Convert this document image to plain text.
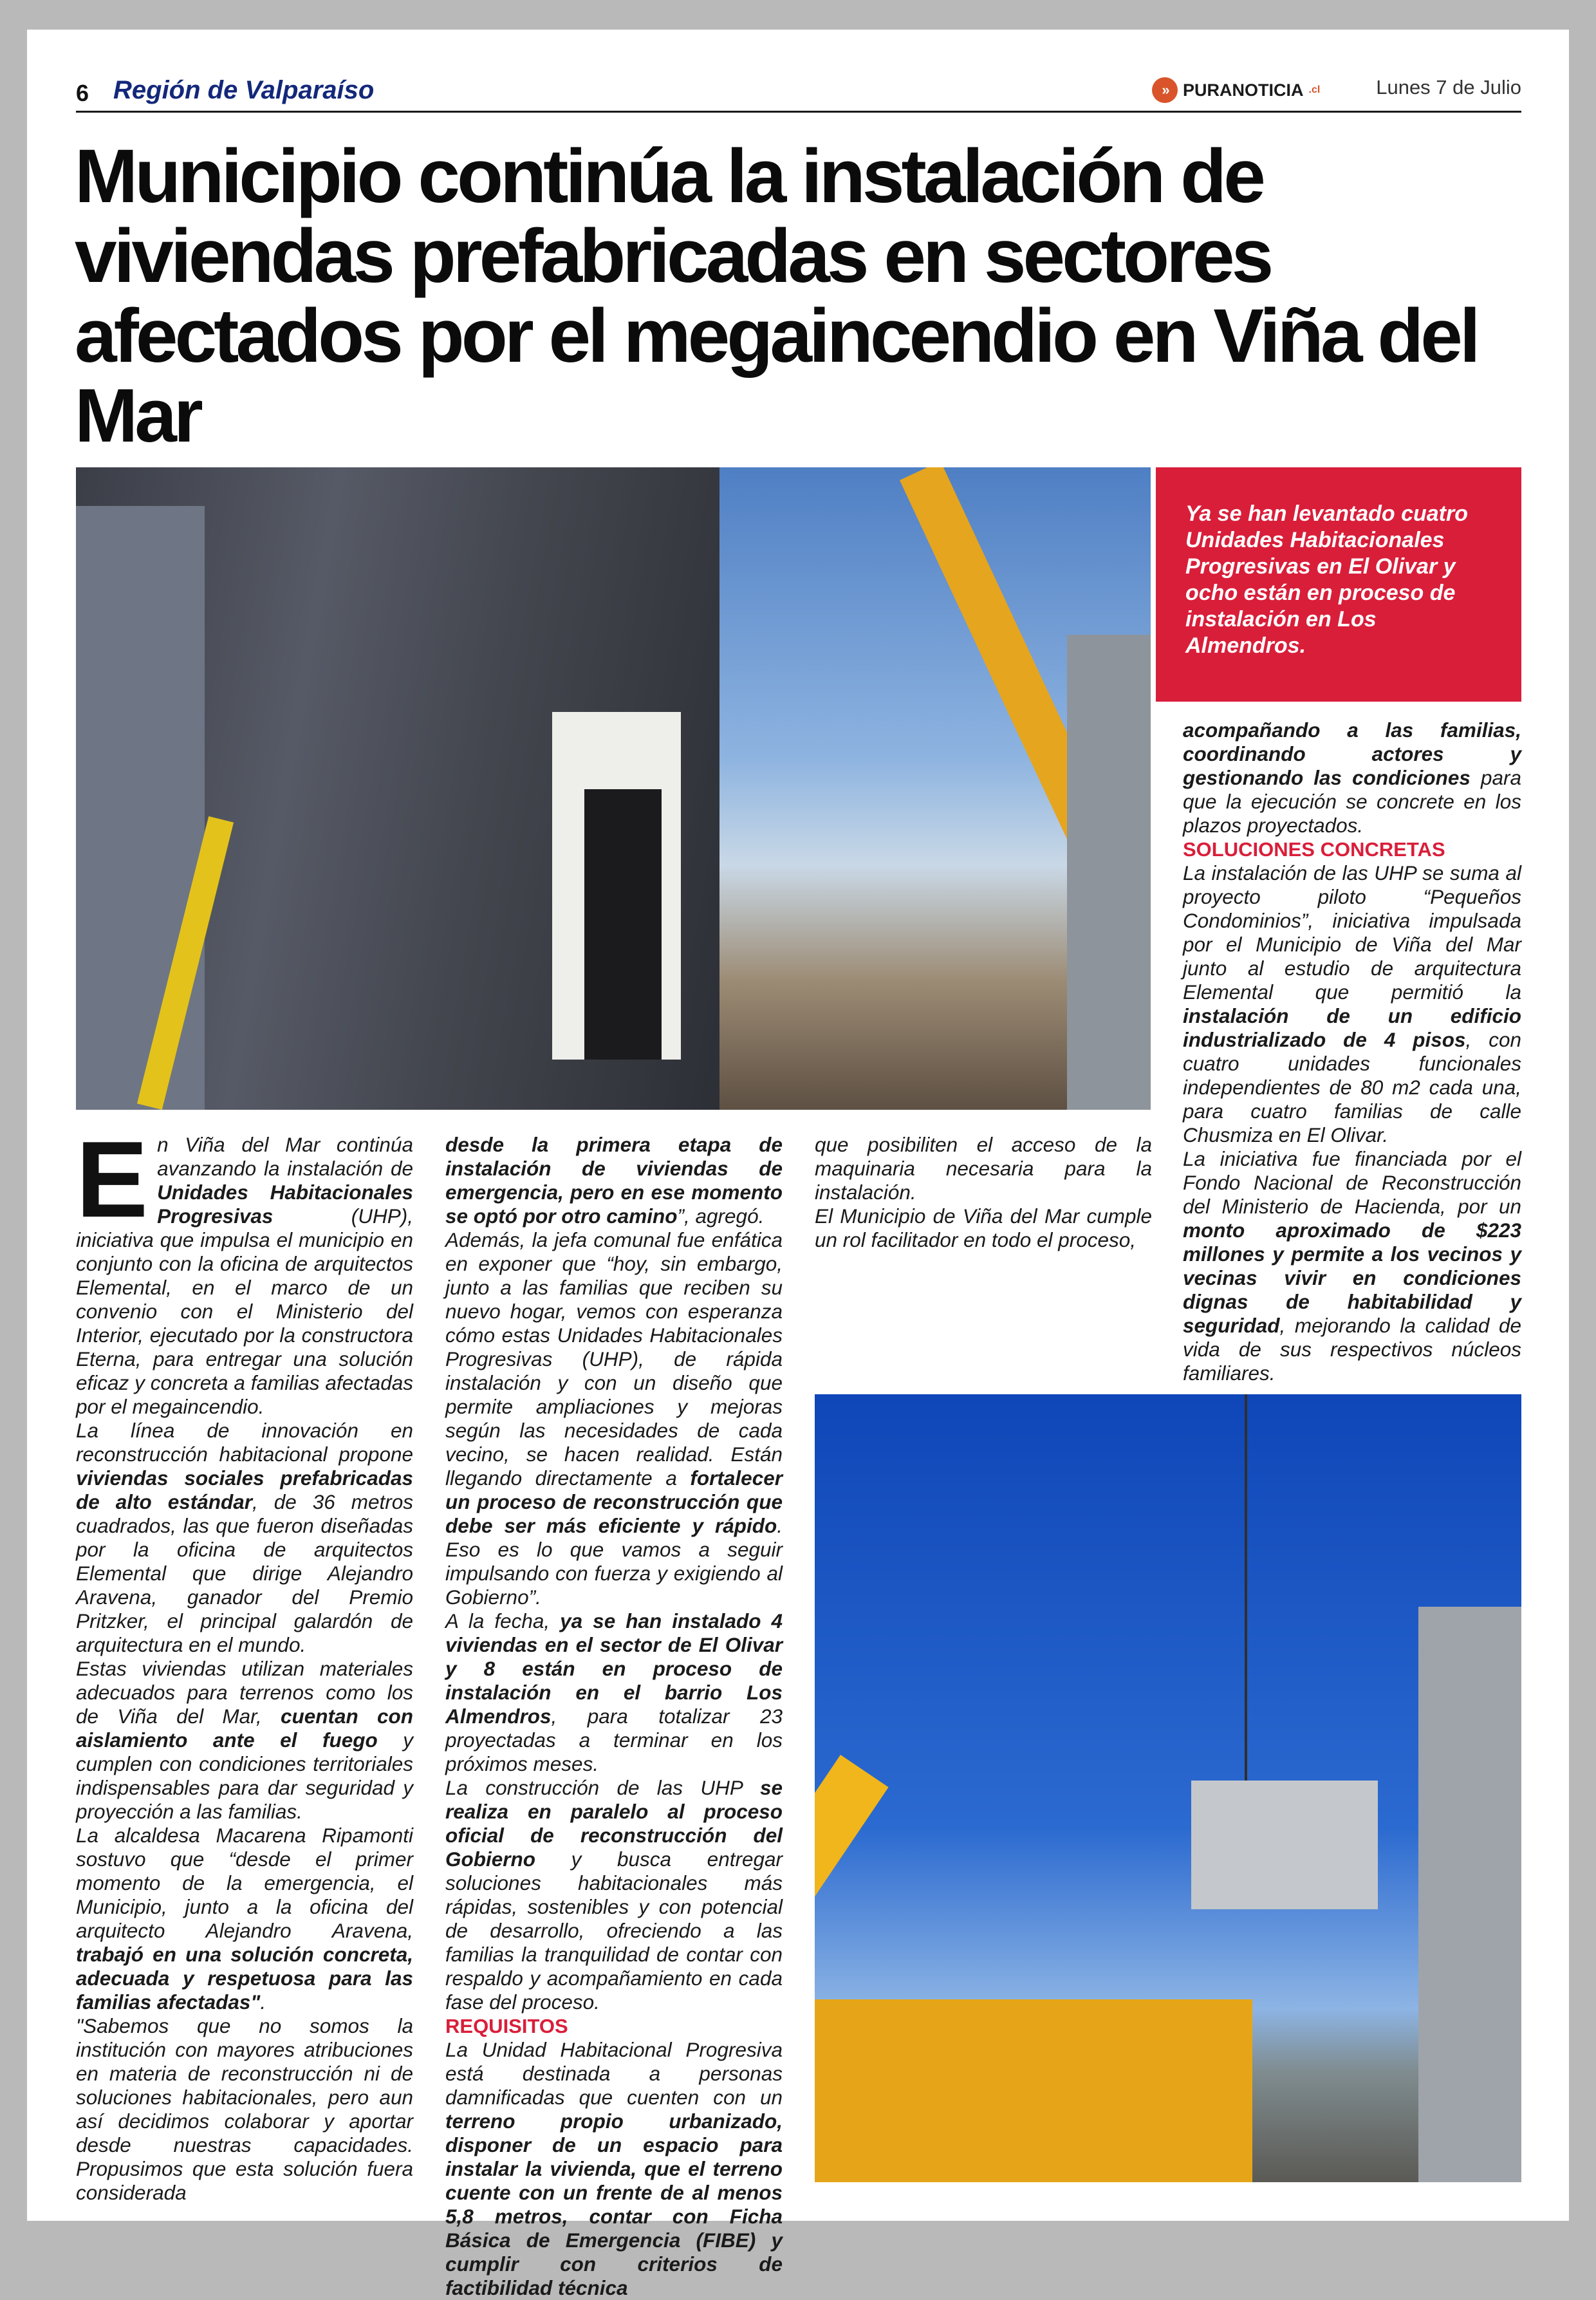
6 Región de Valparaíso	» PURANOTICIA .cl	Lunes 7 de Julio
Municipio continúa la instalación de viviendas prefabricadas en sectores afectados por el megaincendio en Viña del Mar

Ya se han levantado cuatro Unidades Habitacionales Progresivas en El Olivar y ocho están en proceso de instalación en Los Almendros.

En Viña del Mar continúa avanzando la instalación de Unidades Habitacionales Progresivas (UHP), iniciativa que impulsa el municipio en conjunto con la oficina de arquitectos Elemental, en el marco de un convenio con el Ministerio del Interior, ejecutado por la constructora Eterna, para entregar una solución eficaz y concreta a familias afectadas por el megaincendio.

La línea de innovación en reconstrucción habitacional propone viviendas sociales prefabricadas de alto estándar, de 36 metros cuadrados, las que fueron diseñadas por la oficina de arquitectos Elemental que dirige Alejandro Aravena, ganador del Premio Pritzker, el principal galardón de arquitectura en el mundo.

Estas viviendas utilizan materiales adecuados para terrenos como los de Viña del Mar, cuentan con aislamiento ante el fuego y cumplen con condiciones territoriales indispensables para dar seguridad y proyección a las familias.

La alcaldesa Macarena Ripamonti sostuvo que “desde el primer momento de la emergencia, el Municipio, junto a la oficina del arquitecto Alejandro Aravena, trabajó en una solución concreta, adecuada y respetuosa para las familias afectadas".

"Sabemos que no somos la institución con mayores atribuciones en materia de reconstrucción ni de soluciones habitacionales, pero aun así decidimos colaborar y aportar desde nuestras capacidades. Propusimos que esta solución fuera considerada

desde la primera etapa de instalación de viviendas de emergencia, pero en ese momento se optó por otro camino”, agregó.

Además, la jefa comunal fue enfática en exponer que “hoy, sin embargo, junto a las familias que reciben su nuevo hogar, vemos con esperanza cómo estas Unidades Habitacionales Progresivas (UHP), de rápida instalación y con un diseño que permite ampliaciones y mejoras según las necesidades de cada vecino, se hacen realidad. Están llegando directamente a fortalecer un proceso de reconstrucción que debe ser más eficiente y rápido. Eso es lo que vamos a seguir impulsando con fuerza y exigiendo al Gobierno”.

A la fecha, ya se han instalado 4 viviendas en el sector de El Olivar y 8 están en proceso de instalación en el barrio Los Almendros, para totalizar 23 proyectadas a terminar en los próximos meses.

La construcción de las UHP se realiza en paralelo al proceso oficial de reconstrucción del Gobierno y busca entregar soluciones habitacionales más rápidas, sostenibles y con potencial de desarrollo, ofreciendo a las familias la tranquilidad de contar con respaldo y acompañamiento en cada fase del proceso.

REQUISITOS

La Unidad Habitacional Progresiva está destinada a personas damnificadas que cuenten con un terreno propio urbanizado, disponer de un espacio para instalar la vivienda, que el terreno cuente con un frente de al menos 5,8 metros, contar con Ficha Básica de Emergencia (FIBE) y cumplir con criterios de factibilidad técnica

que posibiliten el acceso de la maquinaria necesaria para la instalación.

El Municipio de Viña del Mar cumple un rol facilitador en todo el proceso,

acompañando a las familias, coordinando actores y gestionando las condiciones para que la ejecución se concrete en los plazos proyectados.

SOLUCIONES CONCRETAS

La instalación de las UHP se suma al proyecto piloto “Pequeños Condominios”, iniciativa impulsada por el Municipio de Viña del Mar junto al estudio de arquitectura Elemental que permitió la instalación de un edificio industrializado de 4 pisos, con cuatro unidades funcionales independientes de 80 m2 cada una, para cuatro familias de calle Chusmiza en El Olivar.

La iniciativa fue financiada por el Fondo Nacional de Reconstrucción del Ministerio de Hacienda, por un monto aproximado de $223 millones y permite a los vecinos y vecinas vivir en condiciones dignas de habitabilidad y seguridad, mejorando la calidad de vida de sus respectivos núcleos familiares.
